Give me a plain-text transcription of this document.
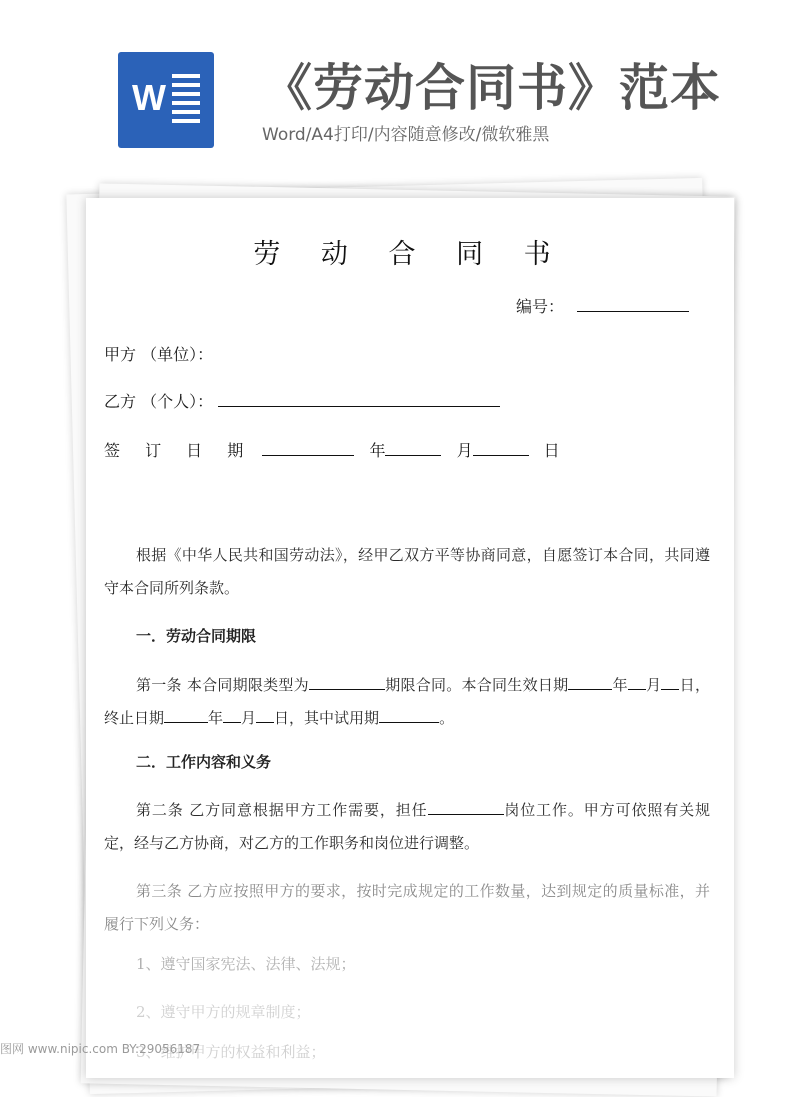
W 《劳动合同书》范本
Word/A4打印/内容随意修改/微软雅黑
劳 动 合 同 书
编号：
甲方 （单位）：
乙方 （个人）：
签 订 日 期	年	月	日
根据《中华人民共和国劳动法》，经甲乙双方平等协商同意，自愿签订本合同，共同遵守本合同所列条款。
一．劳动合同期限
第一条 本合同期限类型为	期限合同。本合同生效日期	年 月 日，终止日期	年 月 日，其中试用期	。
二．工作内容和义务
第二条 乙方同意根据甲方工作需要，担任	岗位工作。甲方可依照有关规定，经与乙方协商，对乙方的工作职务和岗位进行调整。
第三条 乙方应按照甲方的要求，按时完成规定的工作数量，达到规定的质量标准，并履行下列义务：
1、遵守国家宪法、法律、法规；
2、遵守甲方的规章制度；
3、维护甲方的权益和利益；
图网 www.nipic.com BY:29056187
